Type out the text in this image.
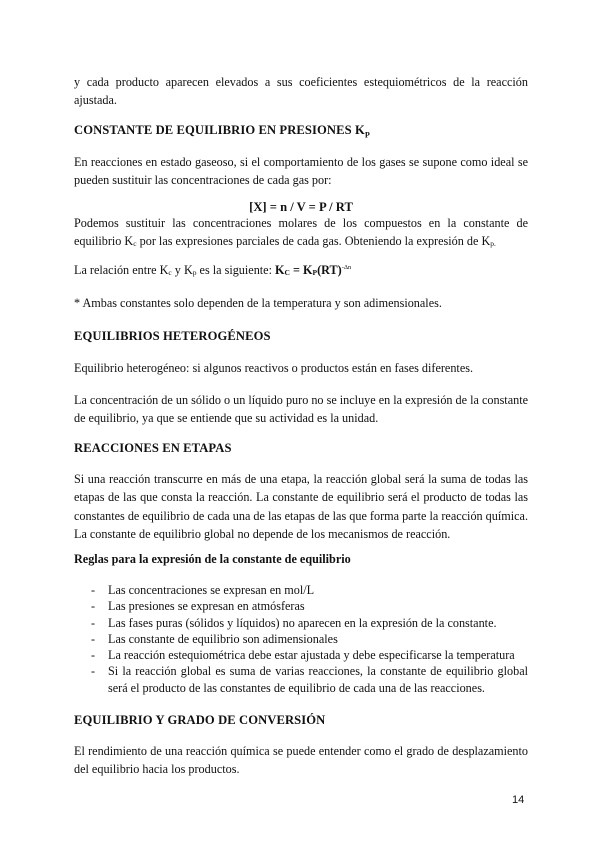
y cada producto aparecen elevados a sus coeficientes estequiométricos de la reacción ajustada.

CONSTANTE DE EQUILIBRIO EN PRESIONES $K_P$

En reacciones en estado gaseoso, si el comportamiento de los gases se supone como ideal se pueden sustituir las concentraciones de cada gas por:

[X] = n / V = P / RT

Podemos sustituir las concentraciones molares de los compuestos en la constante de equilibrio $K_c$ por las expresiones parciales de cada gas. Obteniendo la expresión de $K_{p.}$

La relación entre $K_c$ y $K_p$ es la siguiente: $K_C = K_P(RT)^{-\Delta n}$

* Ambas constantes solo dependen de la temperatura y son adimensionales.

EQUILIBRIOS HETEROGÉNEOS

Equilibrio heterogéneo: si algunos reactivos o productos están en fases diferentes.

La concentración de un sólido o un líquido puro no se incluye en la expresión de la constante de equilibrio, ya que se entiende que su actividad es la unidad.

REACCIONES EN ETAPAS

Si una reacción transcurre en más de una etapa, la reacción global será la suma de todas las etapas de las que consta la reacción. La constante de equilibrio será el producto de todas las constantes de equilibrio de cada una de las etapas de las que forma parte la reacción química. La constante de equilibrio global no depende de los mecanismos de reacción.

Reglas para la expresión de la constante de equilibrio
- Las concentraciones se expresan en mol/L
- Las presiones se expresan en atmósferas
- Las fases puras (sólidos y líquidos) no aparecen en la expresión de la constante.
- Las constante de equilibrio son adimensionales
- La reacción estequiométrica debe estar ajustada y debe especificarse la temperatura
- Si la reacción global es suma de varias reacciones, la constante de equilibrio global será el producto de las constantes de equilibrio de cada una de las reacciones.
EQUILIBRIO Y GRADO DE CONVERSIÓN

El rendimiento de una reacción química se puede entender como el grado de desplazamiento del equilibrio hacia los productos.

14
